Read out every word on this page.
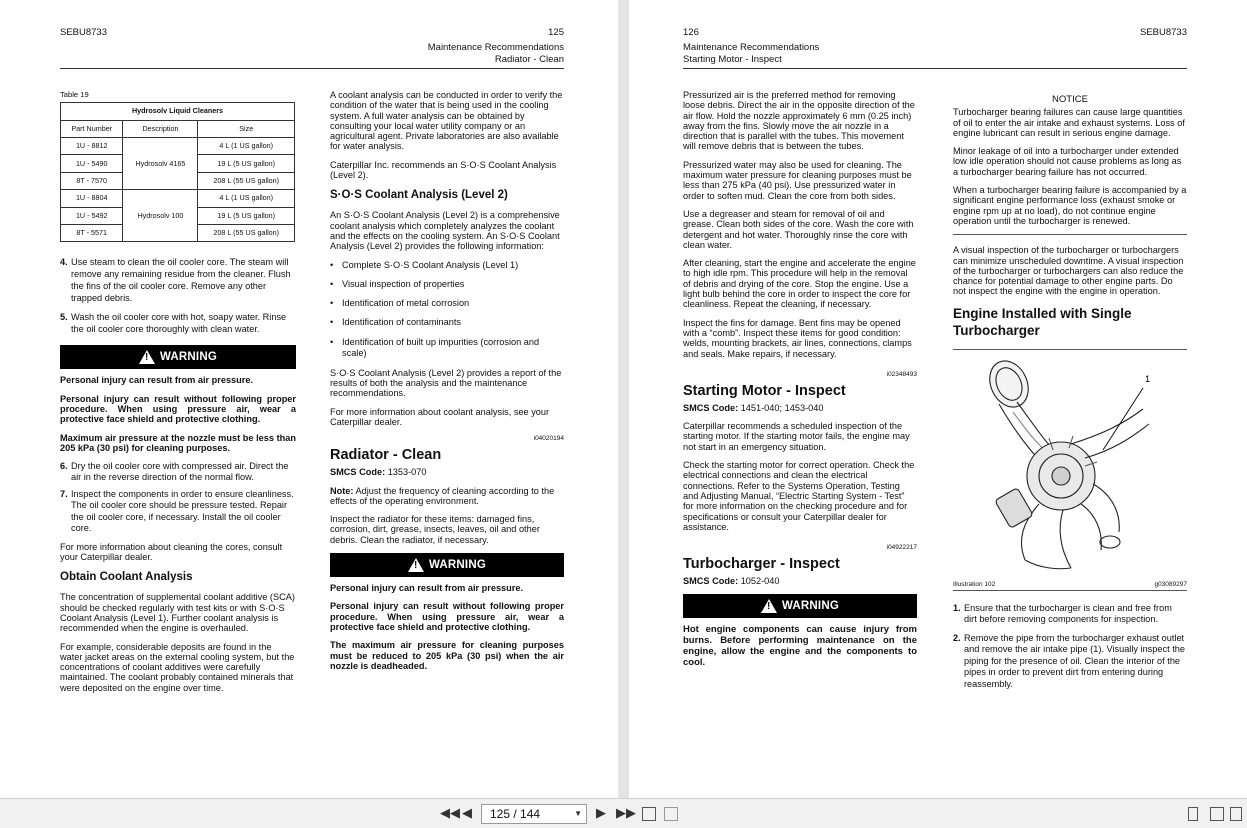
SEBU8733	125
Maintenance Recommendations
Radiator - Clean
Table 19
Hydrosolv Liquid Cleaners		
Part Number	Description	Size
1U - 8812	Hydrosolv 4165	4 L (1 US gallon)
1U - 5490		19 L (5 US gallon)
8T - 7570		208 L (55 US gallon)
1U - 8804	Hydrosolv 100	4 L (1 US gallon)
1U - 5492		19 L (5 US gallon)
8T - 5571		208 L (55 US gallon)
4. Use steam to clean the oil cooler core. The steam will remove any remaining residue from the cleaner. Flush the fins of the oil cooler core. Remove any other trapped debris.
5. Wash the oil cooler core with hot, soapy water. Rinse the oil cooler core thoroughly with clean water.
! WARNING

Personal injury can result from air pressure.

Personal injury can result without following proper procedure. When using pressure air, wear a protective face shield and protective clothing.

Maximum air pressure at the nozzle must be less than 205 kPa (30 psi) for cleaning purposes.

6. Dry the oil cooler core with compressed air. Direct the air in the reverse direction of the normal flow.
7. Inspect the components in order to ensure cleanliness. The oil cooler core should be pressure tested. Repair the oil cooler core, if necessary. Install the oil cooler core.

For more information about cleaning the cores, consult your Caterpillar dealer.

Obtain Coolant Analysis

The concentration of supplemental coolant additive (SCA) should be checked regularly with test kits or with S·O·S Coolant Analysis (Level 1). Further coolant analysis is recommended when the engine is overhauled.

For example, considerable deposits are found in the water jacket areas on the external cooling system, but the concentrations of coolant additives were carefully maintained. The coolant probably contained minerals that were deposited on the engine over time.

A coolant analysis can be conducted in order to verify the condition of the water that is being used in the cooling system. A full water analysis can be obtained by consulting your local water utility company or an agricultural agent. Private laboratories are also available for water analysis.

Caterpillar Inc. recommends an S·O·S Coolant Analysis (Level 2).

S·O·S Coolant Analysis (Level 2)

An S·O·S Coolant Analysis (Level 2) is a comprehensive coolant analysis which completely analyzes the coolant and the effects on the cooling system. An S·O·S Coolant Analysis (Level 2) provides the following information:

• Complete S·O·S Coolant Analysis (Level 1)
• Visual inspection of properties
• Identification of metal corrosion
• Identification of contaminants
• Identification of built up impurities (corrosion and scale)

S·O·S Coolant Analysis (Level 2) provides a report of the results of both the analysis and the maintenance recommendations.

For more information about coolant analysis, see your Caterpillar dealer.

i04020194
Radiator - Clean
SMCS Code: 1353-070

Note: Adjust the frequency of cleaning according to the effects of the operating environment.

Inspect the radiator for these items: damaged fins, corrosion, dirt, grease, insects, leaves, oil and other debris. Clean the radiator, if necessary.

! WARNING

Personal injury can result from air pressure.

Personal injury can result without following proper procedure. When using pressure air, wear a protective face shield and protective clothing.

The maximum air pressure for cleaning purposes must be reduced to 205 kPa (30 psi) when the air nozzle is deadheaded.

126	SEBU8733
Maintenance Recommendations
Starting Motor - Inspect

Pressurized air is the preferred method for removing loose debris. Direct the air in the opposite direction of the air flow. Hold the nozzle approximately 6 mm (0.25 inch) away from the fins. Slowly move the air nozzle in a direction that is parallel with the tubes. This movement will remove debris that is between the tubes.

Pressurized water may also be used for cleaning. The maximum water pressure for cleaning purposes must be less than 275 kPa (40 psi). Use pressurized water in order to soften mud. Clean the core from both sides.

Use a degreaser and steam for removal of oil and grease. Clean both sides of the core. Wash the core with detergent and hot water. Thoroughly rinse the core with clean water.

After cleaning, start the engine and accelerate the engine to high idle rpm. This procedure will help in the removal of debris and drying of the core. Stop the engine. Use a light bulb behind the core in order to inspect the core for cleanliness. Repeat the cleaning, if necessary.

Inspect the fins for damage. Bent fins may be opened with a “comb”. Inspect these items for good condition: welds, mounting brackets, air lines, connections, clamps and seals. Make repairs, if necessary.

i02348493
Starting Motor - Inspect
SMCS Code: 1451-040; 1453-040

Caterpillar recommends a scheduled inspection of the starting motor. If the starting motor fails, the engine may not start in an emergency situation.

Check the starting motor for correct operation. Check the electrical connections and clean the electrical connections. Refer to the Systems Operation, Testing and Adjusting Manual, “Electric Starting System - Test” for more information on the checking procedure and for specifications or consult your Caterpillar dealer for assistance.

i04922217
Turbocharger - Inspect
SMCS Code: 1052-040
! WARNING

Hot engine components can cause injury from burns. Before performing maintenance on the engine, allow the engine and the components to cool.

NOTICE

Turbocharger bearing failures can cause large quantities of oil to enter the air intake and exhaust systems. Loss of engine lubricant can result in serious engine damage.

Minor leakage of oil into a turbocharger under extended low idle operation should not cause problems as long as a turbocharger bearing failure has not occurred.

When a turbocharger bearing failure is accompanied by a significant engine performance loss (exhaust smoke or engine rpm up at no load), do not continue engine operation until the turbocharger is renewed.

A visual inspection of the turbocharger or turbochargers can minimize unscheduled downtime. A visual inspection of the turbocharger or turbochargers can also reduce the chance for potential damage to other engine parts. Do not inspect the engine with the engine in operation.

Engine Installed with Single Turbocharger
1
Illustration 102	g03089297
1. Ensure that the turbocharger is clean and free from dirt before removing components for inspection.
2. Remove the pipe from the turbocharger exhaust outlet and remove the air intake pipe (1). Visually inspect the piping for the presence of oil. Clean the interior of the pipes in order to prevent dirt from entering during reassembly.
◀◀ ◀	125 / 144	▼ ▶ ▶▶
